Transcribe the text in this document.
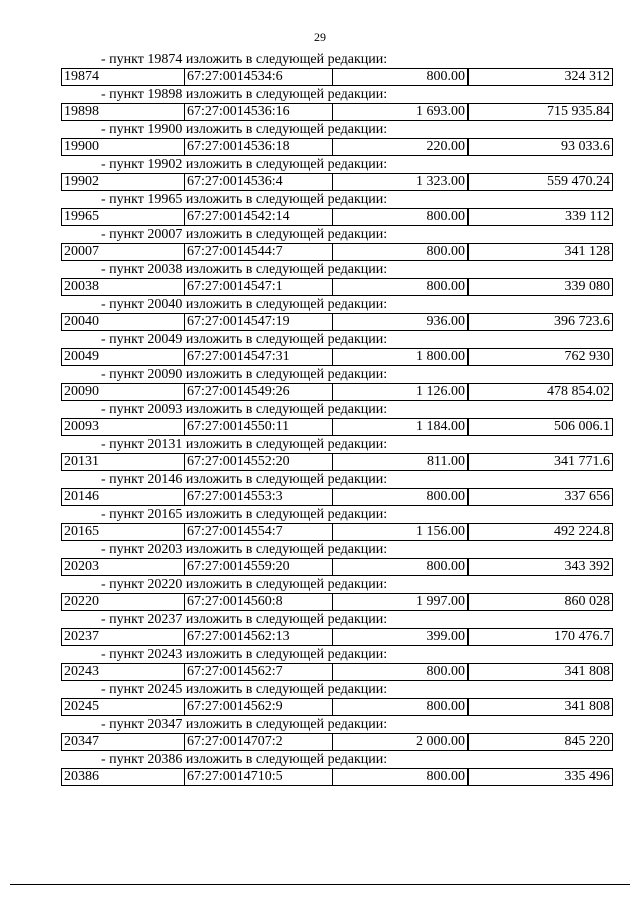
29
- пункт 19874 изложить в следующей редакции:
19874	67:27:0014534:6	800.00	324 312
- пункт 19898 изложить в следующей редакции:
19898	67:27:0014536:16	1 693.00	715 935.84
- пункт 19900 изложить в следующей редакции:
19900	67:27:0014536:18	220.00	93 033.6
- пункт 19902 изложить в следующей редакции:
19902	67:27:0014536:4	1 323.00	559 470.24
- пункт 19965 изложить в следующей редакции:
19965	67:27:0014542:14	800.00	339 112
- пункт 20007 изложить в следующей редакции:
20007	67:27:0014544:7	800.00	341 128
- пункт 20038 изложить в следующей редакции:
20038	67:27:0014547:1	800.00	339 080
- пункт 20040 изложить в следующей редакции:
20040	67:27:0014547:19	936.00	396 723.6
- пункт 20049 изложить в следующей редакции:
20049	67:27:0014547:31	1 800.00	762 930
- пункт 20090 изложить в следующей редакции:
20090	67:27:0014549:26	1 126.00	478 854.02
- пункт 20093 изложить в следующей редакции:
20093	67:27:0014550:11	1 184.00	506 006.1
- пункт 20131 изложить в следующей редакции:
20131	67:27:0014552:20	811.00	341 771.6
- пункт 20146 изложить в следующей редакции:
20146	67:27:0014553:3	800.00	337 656
- пункт 20165 изложить в следующей редакции:
20165	67:27:0014554:7	1 156.00	492 224.8
- пункт 20203 изложить в следующей редакции:
20203	67:27:0014559:20	800.00	343 392
- пункт 20220 изложить в следующей редакции:
20220	67:27:0014560:8	1 997.00	860 028
- пункт 20237 изложить в следующей редакции:
20237	67:27:0014562:13	399.00	170 476.7
- пункт 20243 изложить в следующей редакции:
20243	67:27:0014562:7	800.00	341 808
- пункт 20245 изложить в следующей редакции:
20245	67:27:0014562:9	800.00	341 808
- пункт 20347 изложить в следующей редакции:
20347	67:27:0014707:2	2 000.00	845 220
- пункт 20386 изложить в следующей редакции:
20386	67:27:0014710:5	800.00	335 496
